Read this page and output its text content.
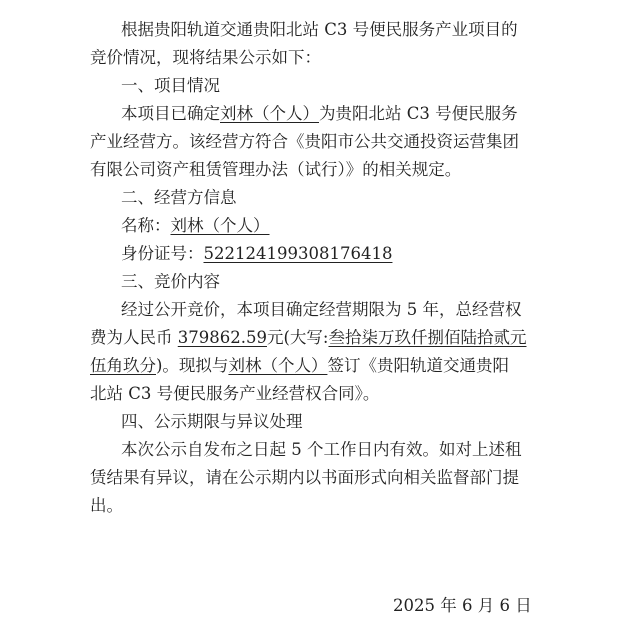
根据贵阳轨道交通贵阳北站 C3 号便民服务产业项目的
竞价情况，现将结果公示如下：
一、项目情况
本项目已确定刘林（个人）为贵阳北站 C3 号便民服务
产业经营方。该经营方符合《贵阳市公共交通投资运营集团
有限公司资产租赁管理办法（试行）》的相关规定。
二、经营方信息
名称：刘林（个人）
身份证号：522124199308176418
三、竞价内容
经过公开竞价，本项目确定经营期限为 5 年，总经营权
费为人民币 379862.59元(大写:叁拾柒万玖仟捌佰陆拾贰元
伍角玖分)。现拟与刘林（个人）签订《贵阳轨道交通贵阳
北站 C3 号便民服务产业经营权合同》。
四、公示期限与异议处理
本次公示自发布之日起 5 个工作日内有效。如对上述租
赁结果有异议，请在公示期内以书面形式向相关监督部门提
出。
2025 年 6 月 6 日
